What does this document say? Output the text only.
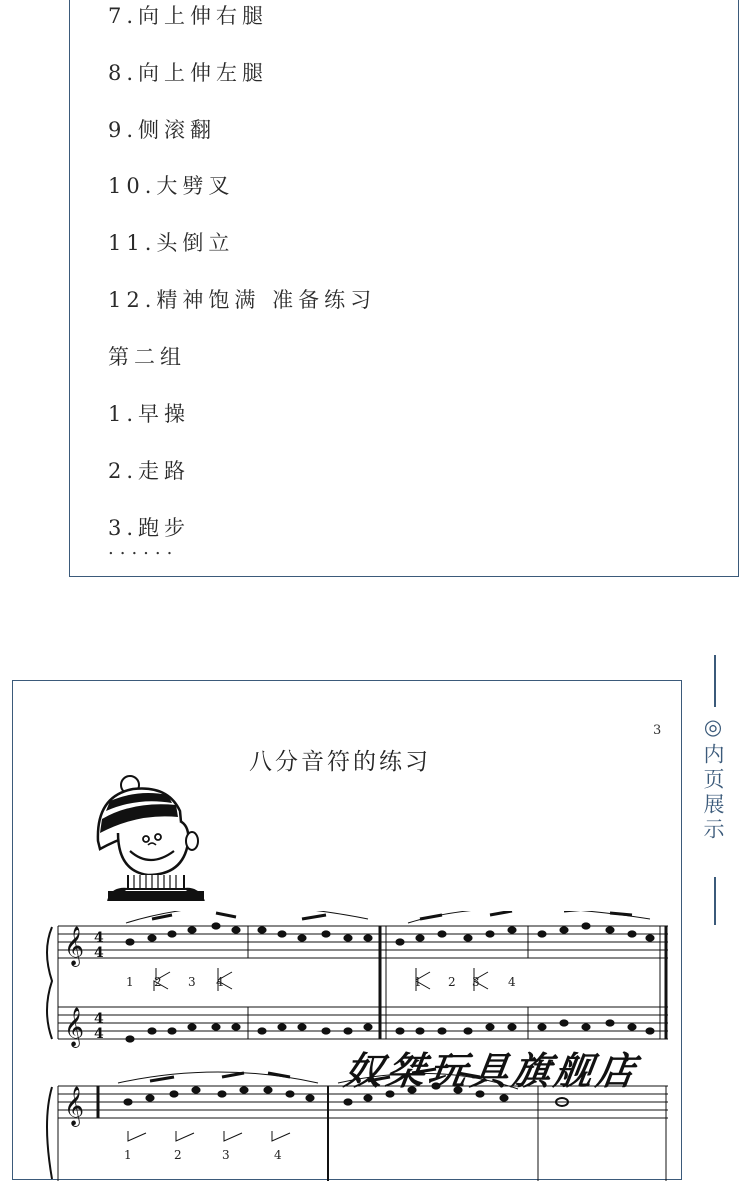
7.向上伸右腿
8.向上伸左腿
9.侧滚翻
10.大劈叉
11.头倒立
12.精神饱满 准备练习
第二组
1.早操
2.走路
3.跑步
......
◎内页展示
3
八分音符的练习
𝄞
𝄞
𝄞
4
4
4
4
1 2 3 4	1 2 3 4
1	2	3	4
奴桀玩具旗舰店
